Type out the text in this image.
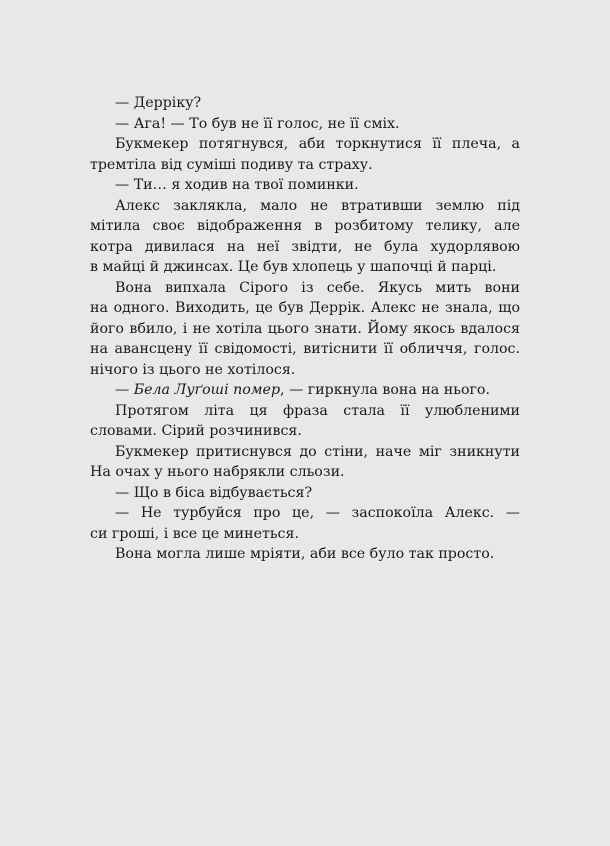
— Дерріку?
— Ага! — То був не її голос, не її сміх.
Букмекер потягнувся, аби торкнутися її плеча, а
тремтіла від суміші подиву та страху.
— Ти… я ходив на твої поминки.
Алекс заклякла, мало не втративши землю під
мітила своє відображення в розбитому телику, але
котра дивилася на неї звідти, не була худорлявою
в майці й джинсах. Це був хлопець у шапочці й парці.
Вона випхала Сірого із себе. Якусь мить вони
на одного. Виходить, це був Деррік. Алекс не знала, що
його вбило, і не хотіла цього знати. Йому якось вдалося
на авансцену її свідомості, витіснити її обличчя, голос.
нічого із цього не хотілося.
— Бела Луґоші помер, — гиркнула вона на нього.
Протягом літа ця фраза стала її улюбленими
словами. Сірий розчинився.
Букмекер притиснувся до стіни, наче міг зникнути
На очах у нього набрякли сльози.
— Що в біса відбувається?
— Не турбуйся про це, — заспокоїла Алекс. —
си гроші, і все це минеться.
Вона могла лише мріяти, аби все було так просто.
